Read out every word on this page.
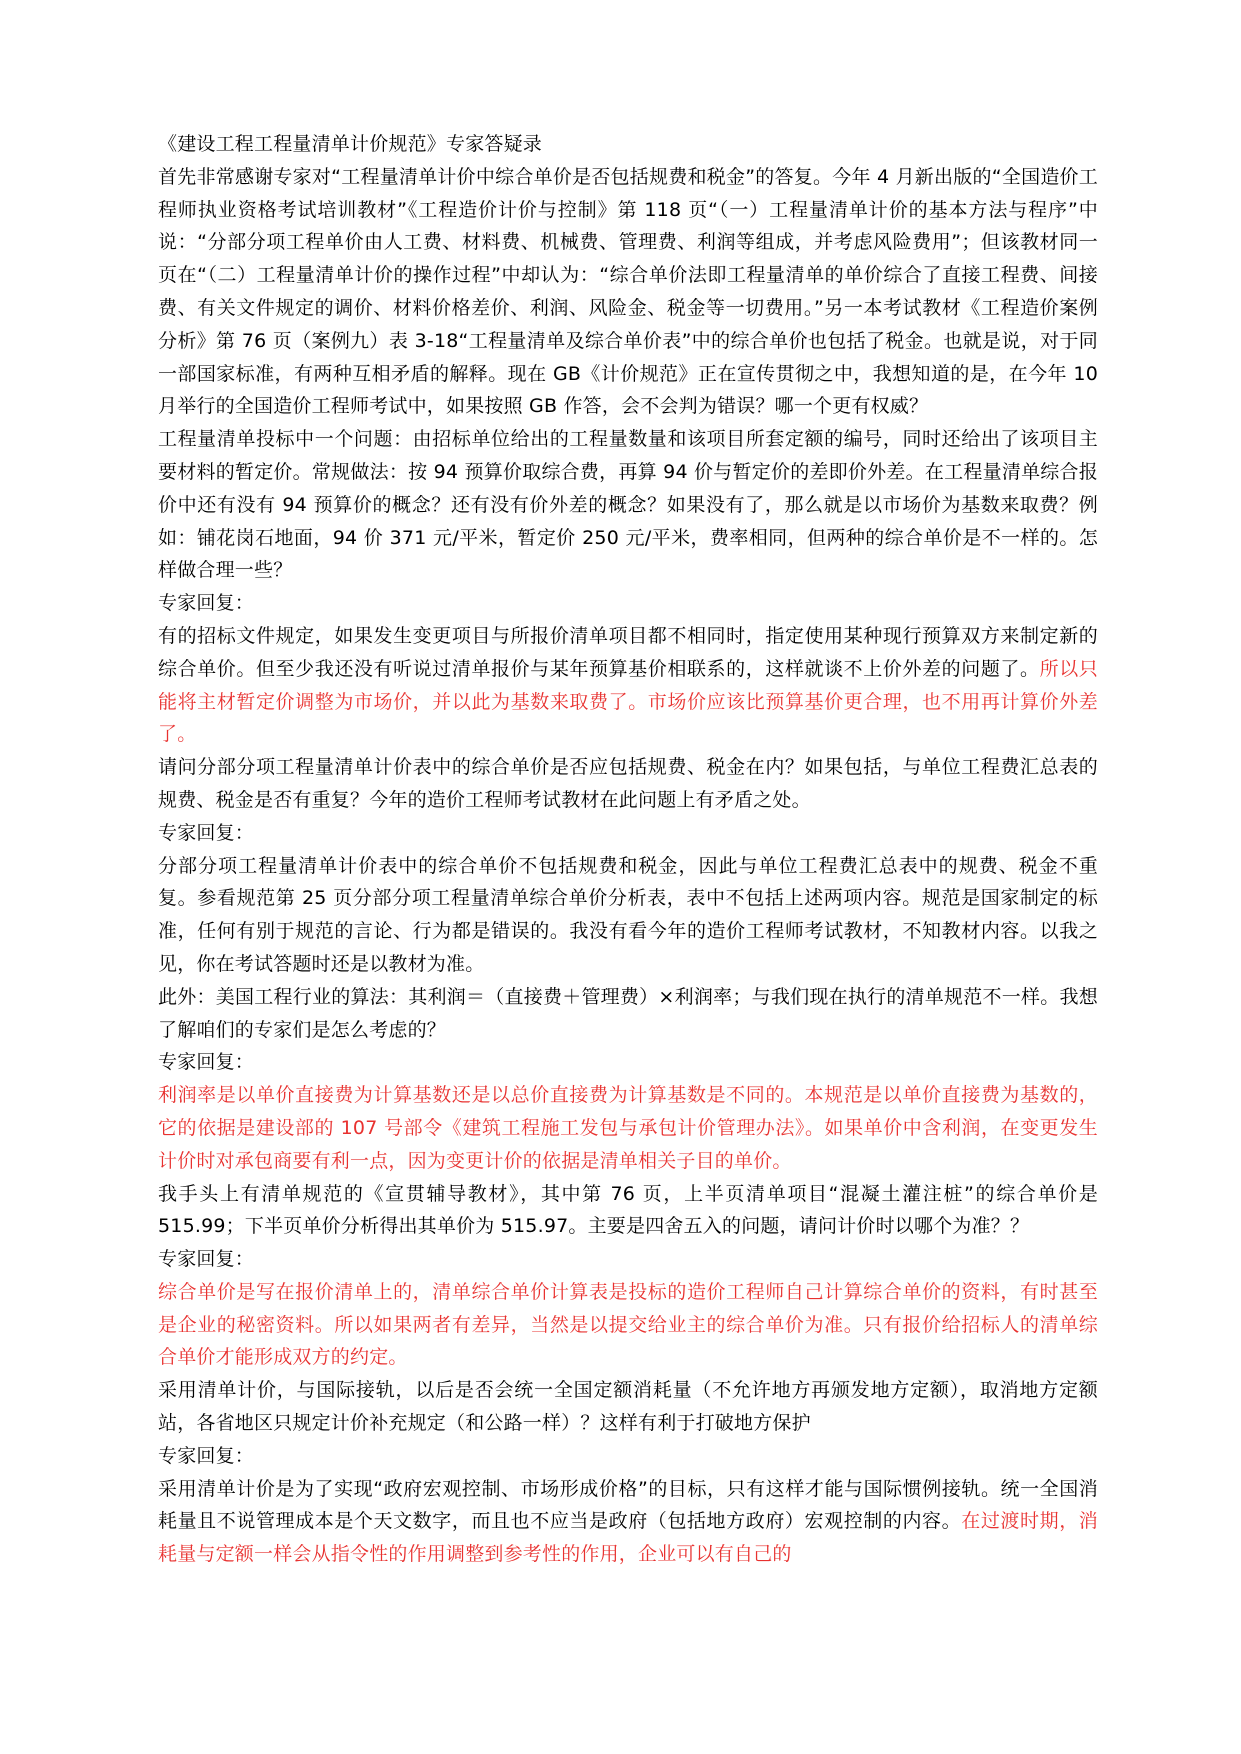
《建设工程工程量清单计价规范》专家答疑录
首先非常感谢专家对“工程量清单计价中综合单价是否包括规费和税金”的答复。今年 4 月新出版的“全国造价工程师执业资格考试培训教材”《工程造价计价与控制》第 118 页“（一）工程量清单计价的基本方法与程序”中说：“分部分项工程单价由人工费、材料费、机械费、管理费、利润等组成，并考虑风险费用”；但该教材同一页在“（二）工程量清单计价的操作过程”中却认为：“综合单价法即工程量清单的单价综合了直接工程费、间接费、有关文件规定的调价、材料价格差价、利润、风险金、税金等一切费用。”另一本考试教材《工程造价案例分析》第 76 页（案例九）表 3-18“工程量清单及综合单价表”中的综合单价也包括了税金。也就是说，对于同一部国家标准，有两种互相矛盾的解释。现在 GB《计价规范》正在宣传贯彻之中，我想知道的是，在今年 10 月举行的全国造价工程师考试中，如果按照 GB 作答，会不会判为错误？哪一个更有权威？
工程量清单投标中一个问题：由招标单位给出的工程量数量和该项目所套定额的编号，同时还给出了该项目主要材料的暂定价。常规做法：按 94 预算价取综合费，再算 94 价与暂定价的差即价外差。在工程量清单综合报价中还有没有 94 预算价的概念？还有没有价外差的概念？如果没有了，那么就是以市场价为基数来取费？例如：铺花岗石地面，94 价 371 元/平米，暂定价 250 元/平米，费率相同，但两种的综合单价是不一样的。怎样做合理一些？
专家回复：
有的招标文件规定，如果发生变更项目与所报价清单项目都不相同时，指定使用某种现行预算双方来制定新的综合单价。但至少我还没有听说过清单报价与某年预算基价相联系的，这样就谈不上价外差的问题了。所以只能将主材暂定价调整为市场价，并以此为基数来取费了。市场价应该比预算基价更合理，也不用再计算价外差了。
请问分部分项工程量清单计价表中的综合单价是否应包括规费、税金在内？如果包括，与单位工程费汇总表的规费、税金是否有重复？今年的造价工程师考试教材在此问题上有矛盾之处。
专家回复：
分部分项工程量清单计价表中的综合单价不包括规费和税金，因此与单位工程费汇总表中的规费、税金不重复。参看规范第 25 页分部分项工程量清单综合单价分析表，表中不包括上述两项内容。规范是国家制定的标准，任何有别于规范的言论、行为都是错误的。我没有看今年的造价工程师考试教材，不知教材内容。以我之见，你在考试答题时还是以教材为准。
此外：美国工程行业的算法：其利润＝（直接费＋管理费）×利润率；与我们现在执行的清单规范不一样。我想了解咱们的专家们是怎么考虑的？
专家回复：
利润率是以单价直接费为计算基数还是以总价直接费为计算基数是不同的。本规范是以单价直接费为基数的，它的依据是建设部的 107 号部令《建筑工程施工发包与承包计价管理办法》。如果单价中含利润，在变更发生计价时对承包商要有利一点，因为变更计价的依据是清单相关子目的单价。
我手头上有清单规范的《宣贯辅导教材》，其中第 76 页，上半页清单项目“混凝土灌注桩”的综合单价是 515.99；下半页单价分析得出其单价为 515.97。主要是四舍五入的问题，请问计价时以哪个为准？？
专家回复：
综合单价是写在报价清单上的，清单综合单价计算表是投标的造价工程师自己计算综合单价的资料，有时甚至是企业的秘密资料。所以如果两者有差异，当然是以提交给业主的综合单价为准。只有报价给招标人的清单综合单价才能形成双方的约定。
采用清单计价，与国际接轨，以后是否会统一全国定额消耗量（不允许地方再颁发地方定额），取消地方定额站，各省地区只规定计价补充规定（和公路一样）？这样有利于打破地方保护
专家回复：
采用清单计价是为了实现“政府宏观控制、市场形成价格”的目标，只有这样才能与国际惯例接轨。统一全国消耗量且不说管理成本是个天文数字，而且也不应当是政府（包括地方政府）宏观控制的内容。在过渡时期，消耗量与定额一样会从指令性的作用调整到参考性的作用，企业可以有自己的
